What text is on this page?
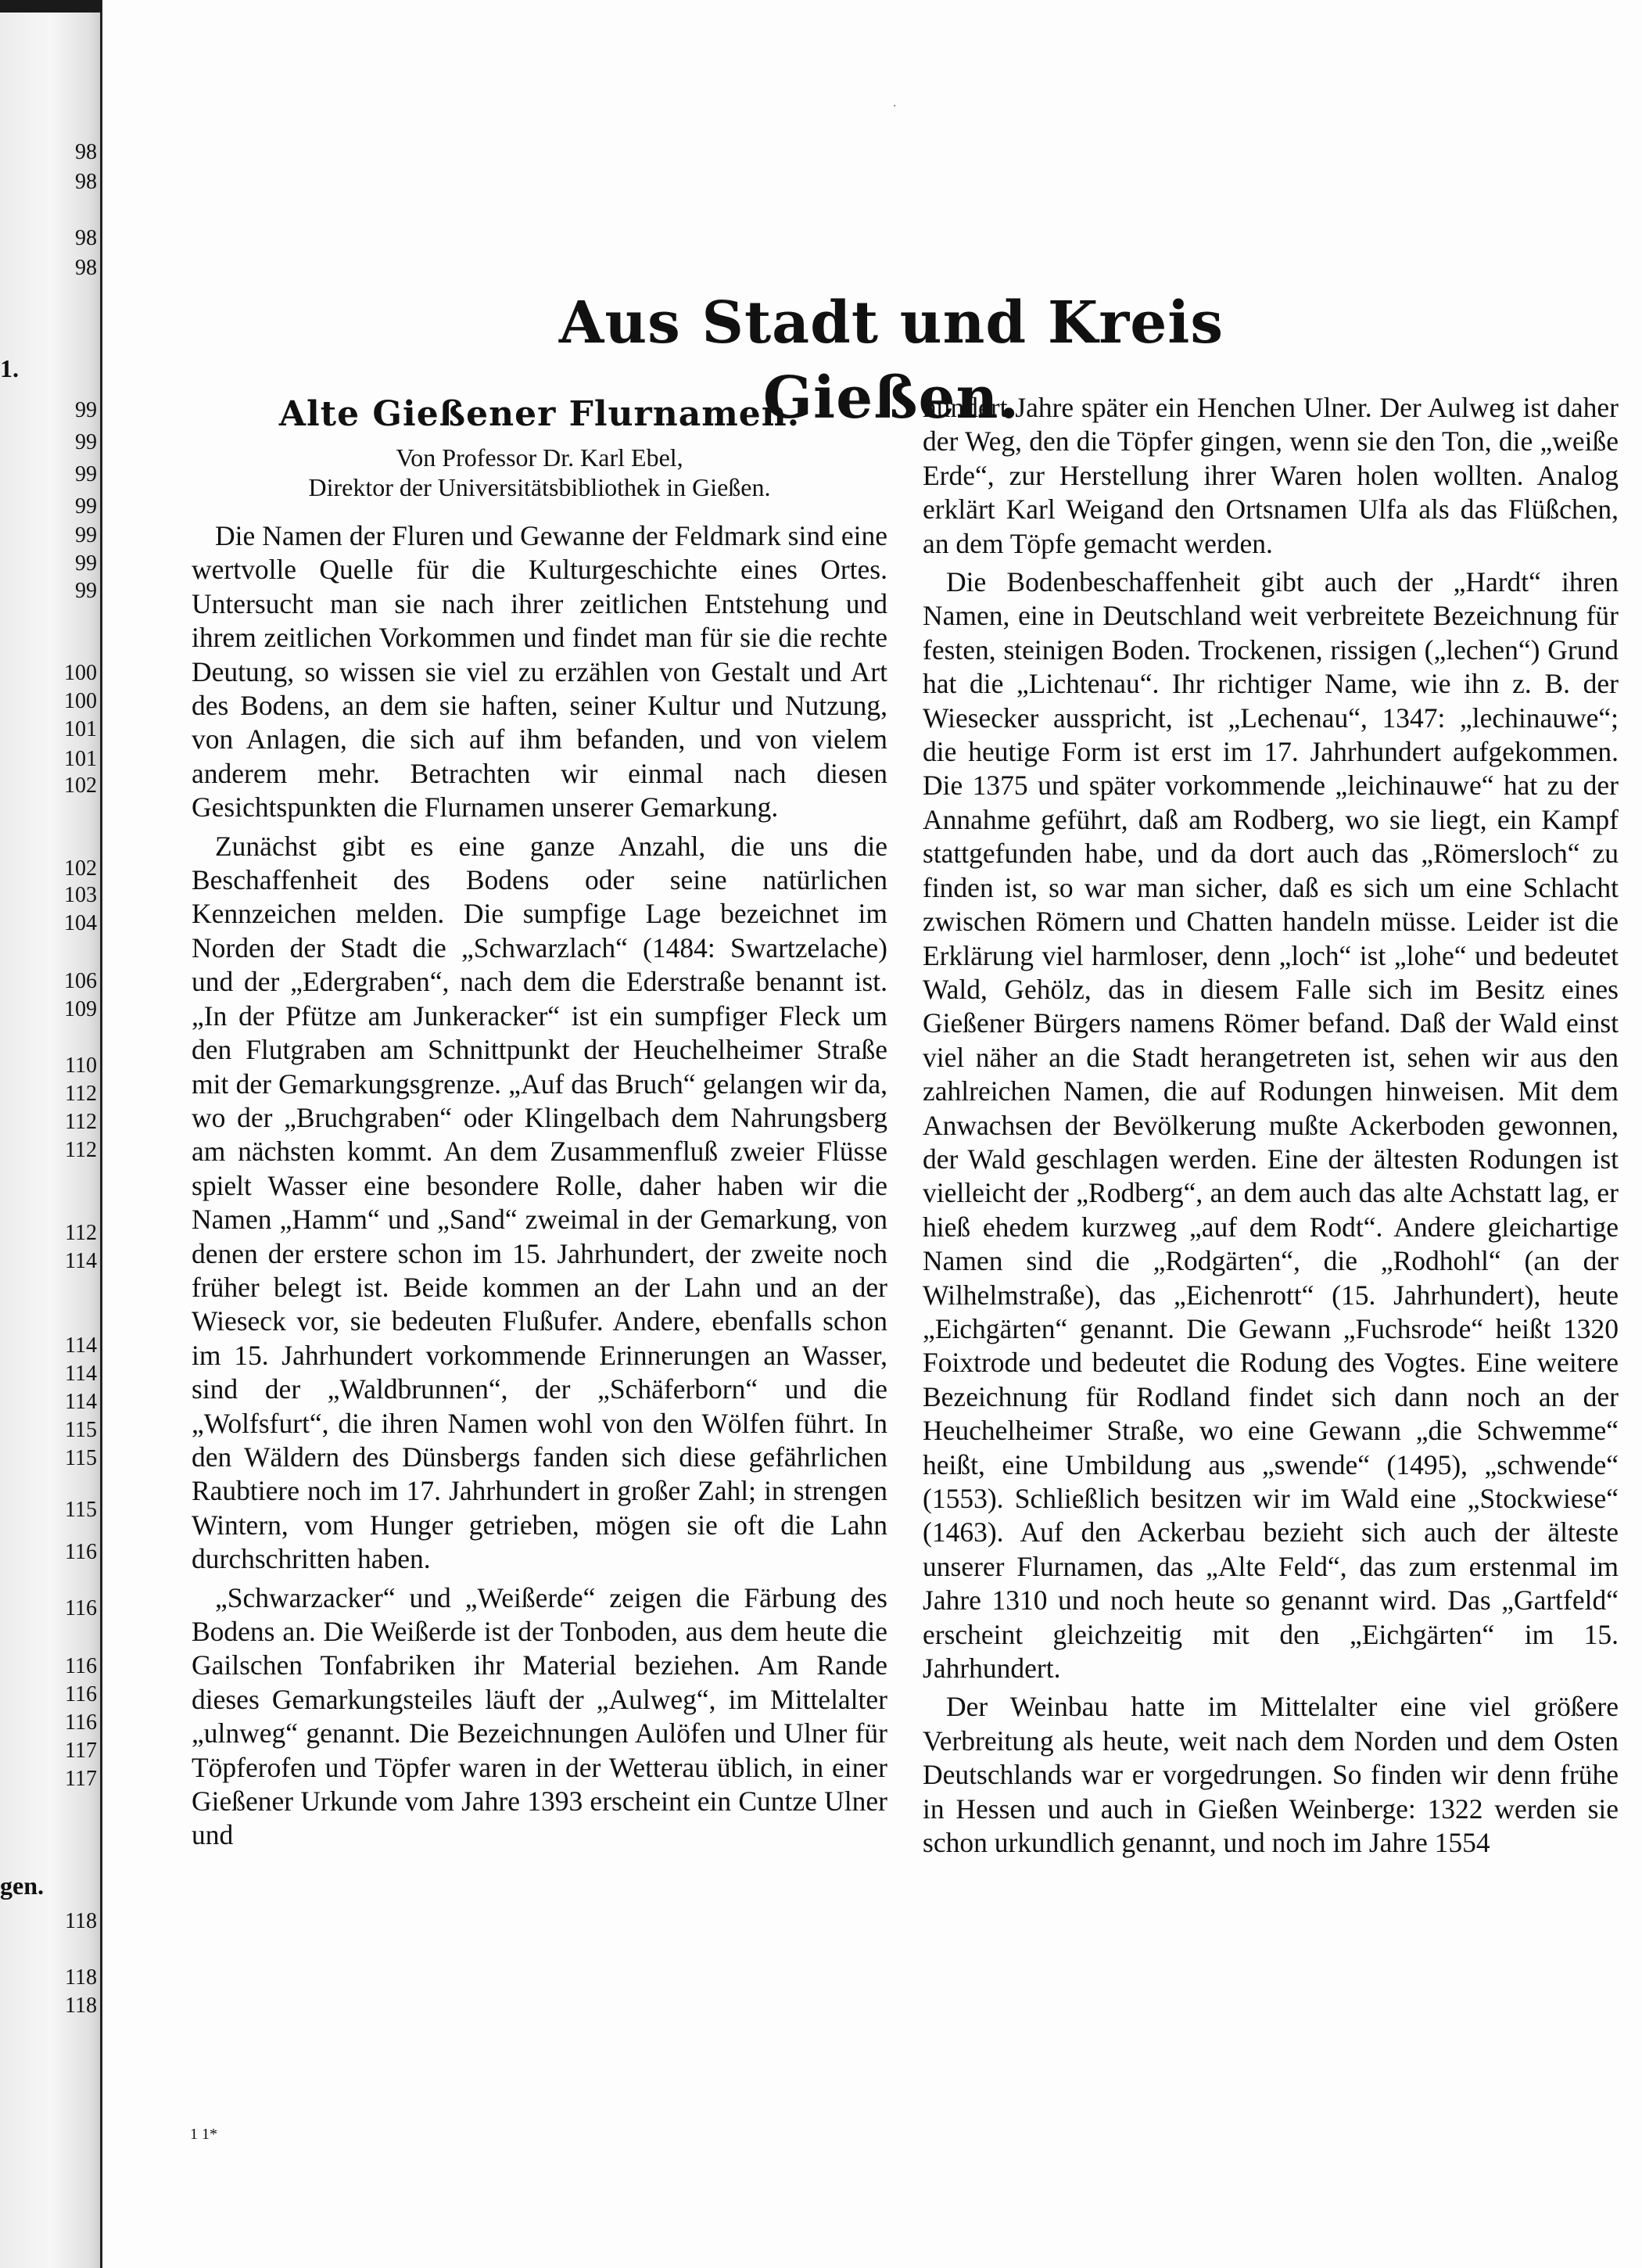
98
98
98
98
1.
99
99
99
99
99
99
99
100
100
101
101
102
102
103
104
106
109
110
112
112
112
112
114
114
114
114
115
115
115
116
116
116
116
116
117
117
gen.
118
118
118
·
Aus Stadt und Kreis Gießen.
Alte Gießener Flurnamen.
Von Professor Dr. Karl Ebel,
Direktor der Universitätsbibliothek in Gießen.

Die Namen der Fluren und Gewanne der Feldmark sind eine wertvolle Quelle für die Kulturgeschichte eines Ortes. Untersucht man sie nach ihrer zeitlichen Entstehung und ihrem zeitlichen Vorkommen und findet man für sie die rechte Deutung, so wissen sie viel zu erzählen von Gestalt und Art des Bodens, an dem sie haften, seiner Kultur und Nutzung, von Anlagen, die sich auf ihm befanden, und von vielem anderem mehr. Betrachten wir einmal nach diesen Gesichtspunkten die Flurnamen unserer Gemarkung.

Zunächst gibt es eine ganze Anzahl, die uns die Beschaffenheit des Bodens oder seine natürlichen Kennzeichen melden. Die sumpfige Lage bezeichnet im Norden der Stadt die „Schwarzlach“ (1484: Swartzelache) und der „Edergraben“, nach dem die Ederstraße benannt ist. „In der Pfütze am Junkeracker“ ist ein sumpfiger Fleck um den Flutgraben am Schnittpunkt der Heuchelheimer Straße mit der Gemarkungsgrenze. „Auf das Bruch“ gelangen wir da, wo der „Bruchgraben“ oder Klingelbach dem Nahrungsberg am nächsten kommt. An dem Zusammenfluß zweier Flüsse spielt Wasser eine besondere Rolle, daher haben wir die Namen „Hamm“ und „Sand“ zweimal in der Gemarkung, von denen der erstere schon im 15. Jahrhundert, der zweite noch früher belegt ist. Beide kommen an der Lahn und an der Wieseck vor, sie bedeuten Flußufer. Andere, ebenfalls schon im 15. Jahrhundert vorkommende Erinnerungen an Wasser, sind der „Waldbrunnen“, der „Schäferborn“ und die „Wolfsfurt“, die ihren Namen wohl von den Wölfen führt. In den Wäldern des Dünsbergs fanden sich diese gefährlichen Raubtiere noch im 17. Jahrhundert in großer Zahl; in strengen Wintern, vom Hunger getrieben, mögen sie oft die Lahn durchschritten haben.

„Schwarzacker“ und „Weißerde“ zeigen die Färbung des Bodens an. Die Weißerde ist der Tonboden, aus dem heute die Gailschen Tonfabriken ihr Material beziehen. Am Rande dieses Gemarkungsteiles läuft der „Aulweg“, im Mittelalter „ulnweg“ genannt. Die Bezeichnungen Aulöfen und Ulner für Töpferofen und Töpfer waren in der Wetterau üblich, in einer Gießener Urkunde vom Jahre 1393 erscheint ein Cuntze Ulner und

hundert Jahre später ein Henchen Ulner. Der Aulweg ist daher der Weg, den die Töpfer gingen, wenn sie den Ton, die „weiße Erde“, zur Herstellung ihrer Waren holen wollten. Analog erklärt Karl Weigand den Ortsnamen Ulfa als das Flüßchen, an dem Töpfe gemacht werden.

Die Bodenbeschaffenheit gibt auch der „Hardt“ ihren Namen, eine in Deutschland weit verbreitete Bezeichnung für festen, steinigen Boden. Trockenen, rissigen („lechen“) Grund hat die „Lichtenau“. Ihr richtiger Name, wie ihn z. B. der Wiesecker ausspricht, ist „Lechenau“, 1347: „lechinauwe“; die heutige Form ist erst im 17. Jahrhundert aufgekommen. Die 1375 und später vorkommende „leichinauwe“ hat zu der Annahme geführt, daß am Rodberg, wo sie liegt, ein Kampf stattgefunden habe, und da dort auch das „Römersloch“ zu finden ist, so war man sicher, daß es sich um eine Schlacht zwischen Römern und Chatten handeln müsse. Leider ist die Erklärung viel harmloser, denn „loch“ ist „lohe“ und bedeutet Wald, Gehölz, das in diesem Falle sich im Besitz eines Gießener Bürgers namens Römer befand. Daß der Wald einst viel näher an die Stadt herangetreten ist, sehen wir aus den zahlreichen Namen, die auf Rodungen hinweisen. Mit dem Anwachsen der Bevölkerung mußte Ackerboden gewonnen, der Wald geschlagen werden. Eine der ältesten Rodungen ist vielleicht der „Rodberg“, an dem auch das alte Achstatt lag, er hieß ehedem kurzweg „auf dem Rodt“. Andere gleichartige Namen sind die „Rodgärten“, die „Rodhohl“ (an der Wilhelmstraße), das „Eichenrott“ (15. Jahrhundert), heute „Eichgärten“ genannt. Die Gewann „Fuchsrode“ heißt 1320 Foixtrode und bedeutet die Rodung des Vogtes. Eine weitere Bezeichnung für Rodland findet sich dann noch an der Heuchelheimer Straße, wo eine Gewann „die Schwemme“ heißt, eine Umbildung aus „swende“ (1495), „schwende“ (1553). Schließlich besitzen wir im Wald eine „Stockwiese“ (1463). Auf den Ackerbau bezieht sich auch der älteste unserer Flurnamen, das „Alte Feld“, das zum erstenmal im Jahre 1310 und noch heute so genannt wird. Das „Gartfeld“ erscheint gleichzeitig mit den „Eichgärten“ im 15. Jahrhundert.

Der Weinbau hatte im Mittelalter eine viel größere Verbreitung als heute, weit nach dem Norden und dem Osten Deutschlands war er vorgedrungen. So finden wir denn frühe in Hessen und auch in Gießen Weinberge: 1322 werden sie schon urkundlich genannt, und noch im Jahre 1554

1 1*
